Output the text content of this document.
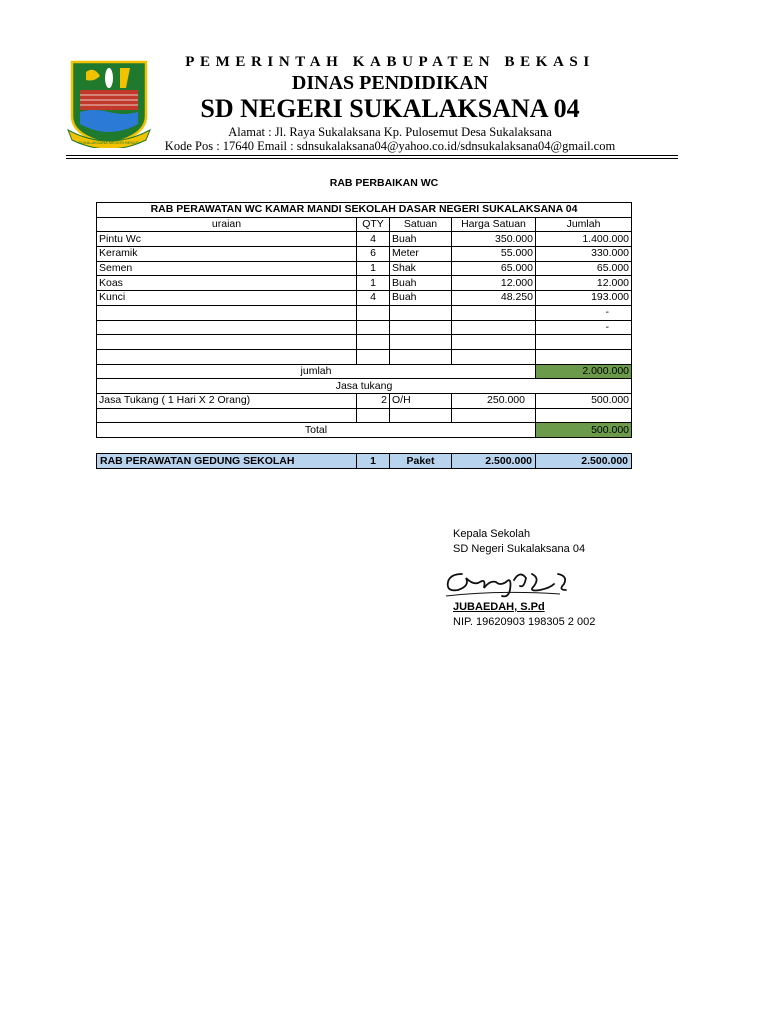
SUKALAKSANA NEGERI BEKASI
PEMERINTAH KABUPATEN BEKASI
DINAS PENDIDIKAN
SD NEGERI SUKALAKSANA 04
Alamat : Jl. Raya Sukalaksana Kp. Pulosemut Desa Sukalaksana
Kode Pos : 17640 Email : sdnsukalaksana04@yahoo.co.id/sdnsukalaksana04@gmail.com
RAB PERBAIKAN WC
RAB PERAWATAN WC KAMAR MANDI SEKOLAH DASAR NEGERI SUKALAKSANA 04				
uraian	QTY	Satuan	Harga Satuan	Jumlah
Pintu Wc	4	Buah	350.000	1.400.000
Keramik	6	Meter	55.000	330.000
Semen	1	Shak	65.000	65.000
Koas	1	Buah	12.000	12.000
Kunci	4	Buah	48.250	193.000
				-
				-

jumlah				2.000.000
Jasa tukang				
Jasa Tukang ( 1 Hari X 2 Orang)	2	O/H	250.000	500.000

Total				500.000
RAB PERAWATAN GEDUNG SEKOLAH	1	Paket	2.500.000	2.500.000
Kepala Sekolah
SD Negeri Sukalaksana 04
JUBAEDAH, S.Pd
NIP. 19620903 198305 2 002
